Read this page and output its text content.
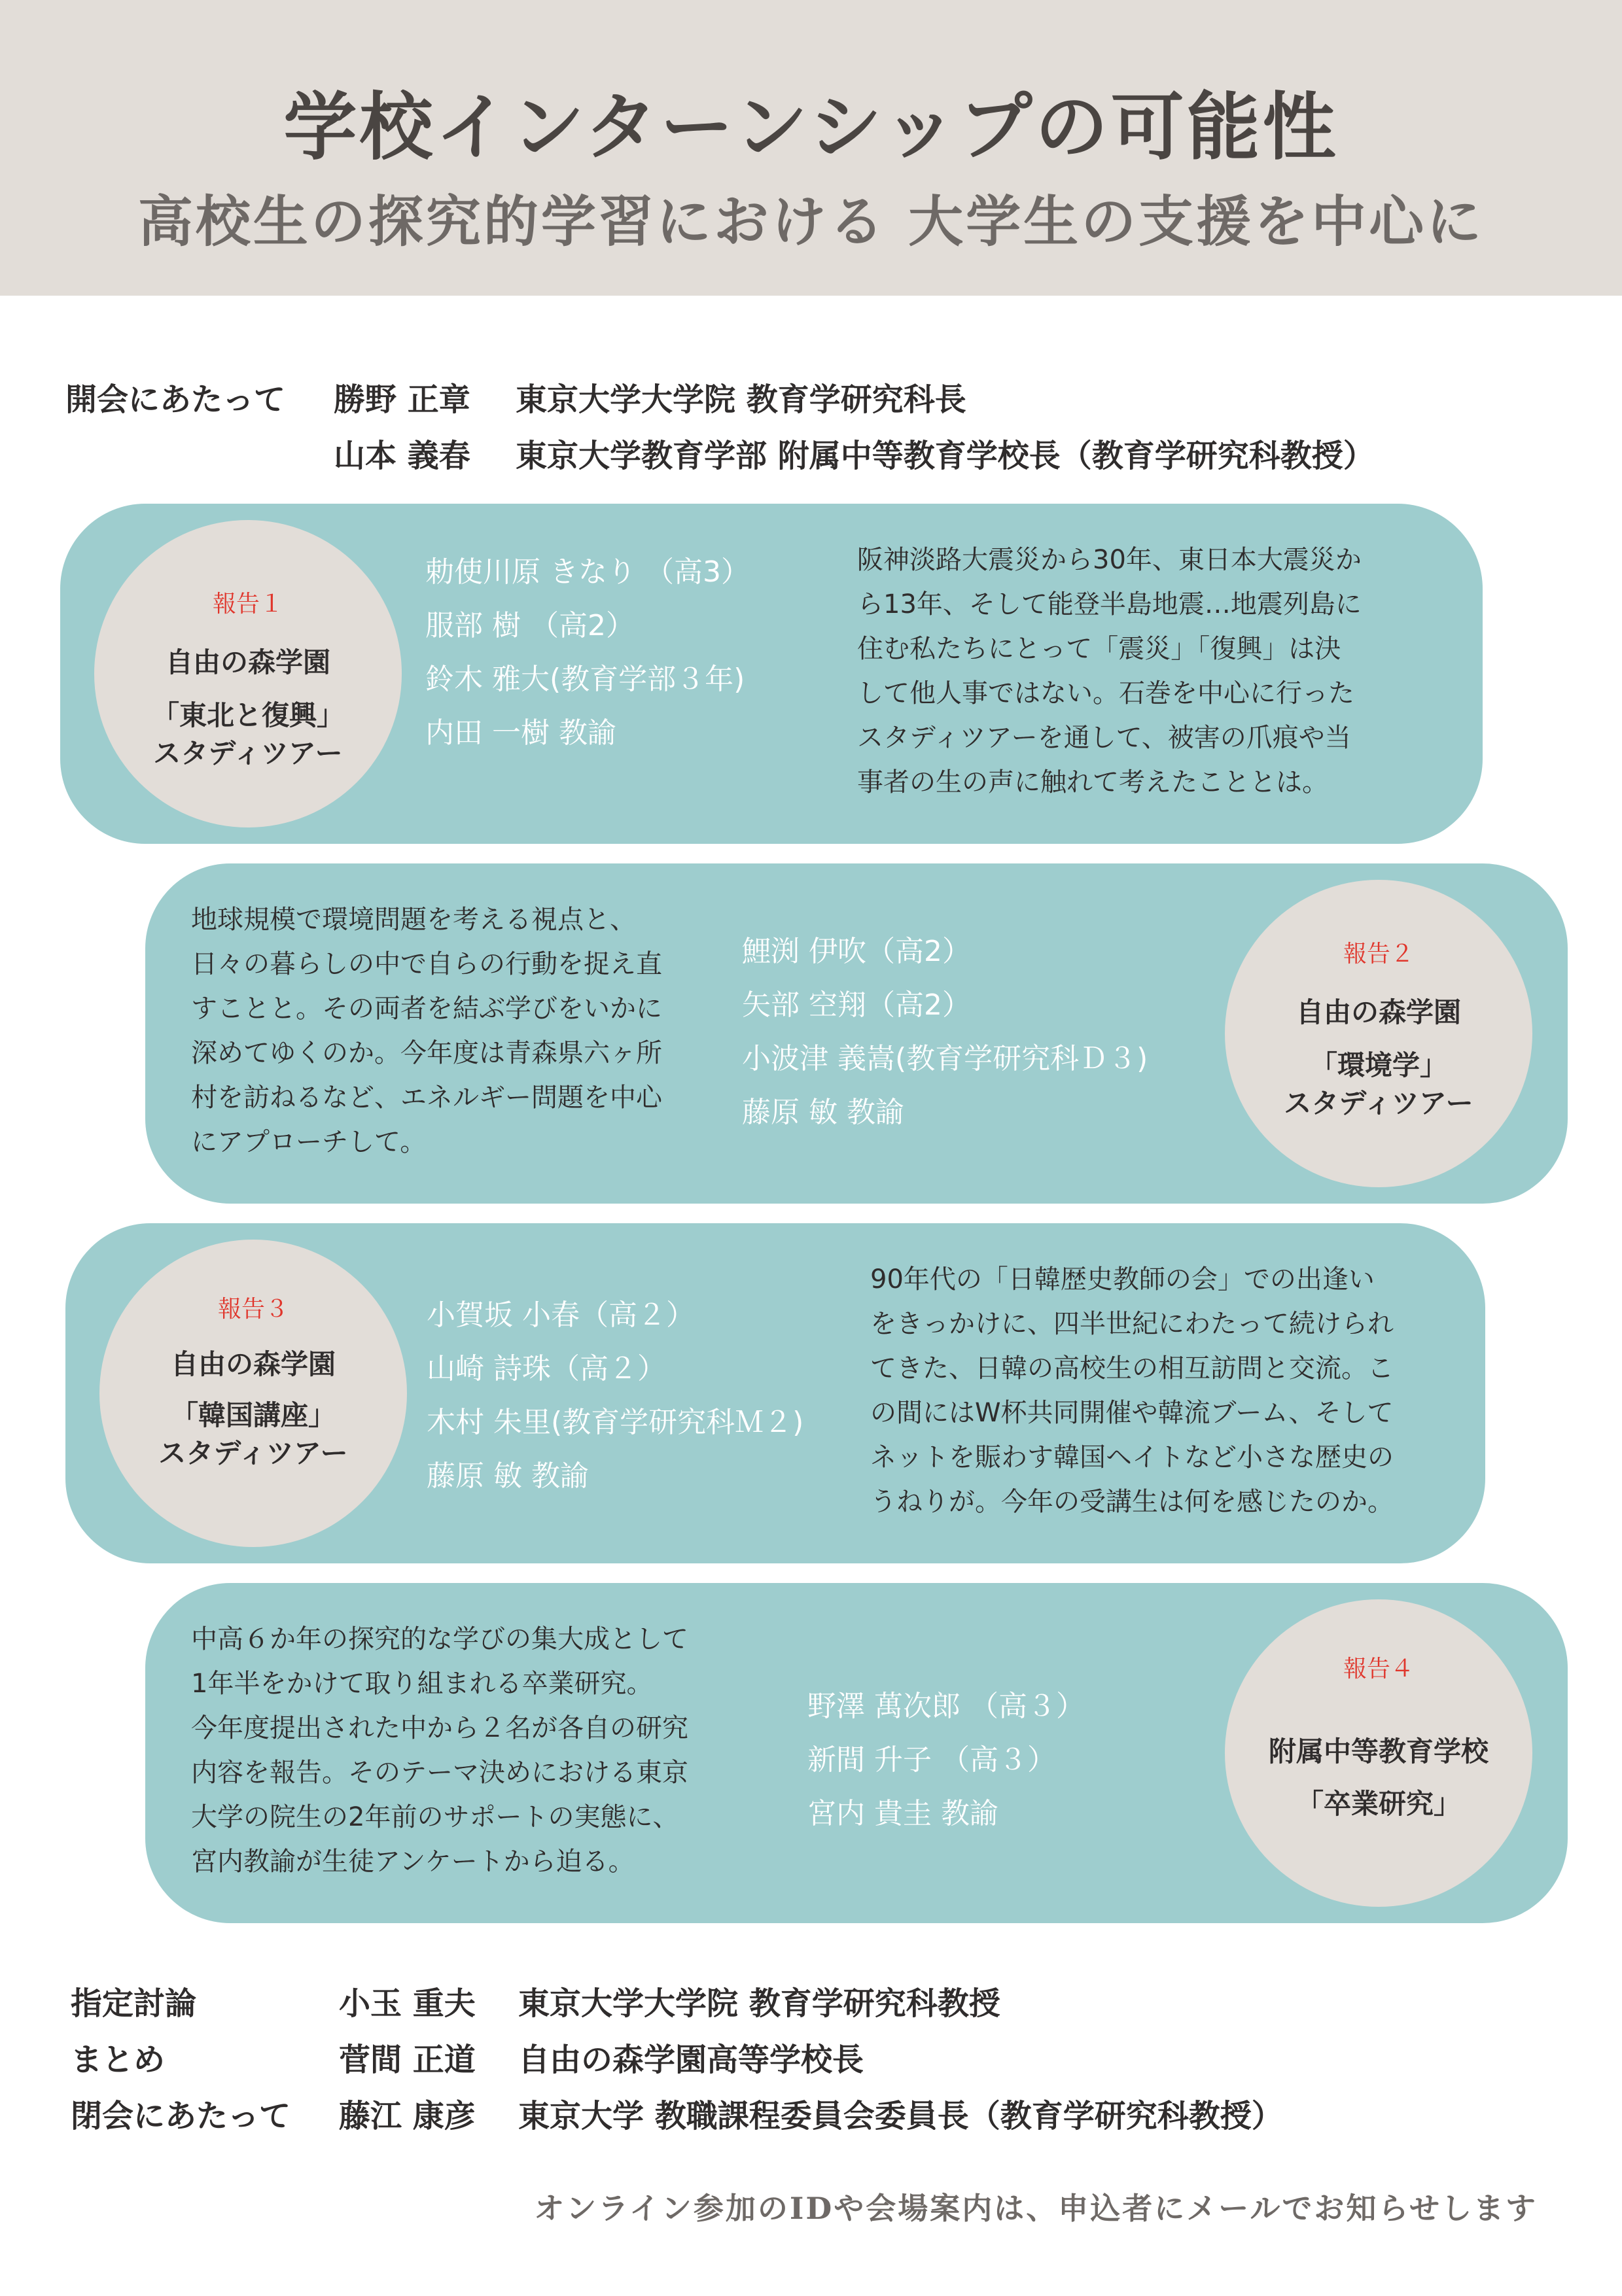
学校インターンシップの可能性
高校生の探究的学習における 大学生の支援を中心に
開会にあたって 勝野 正章 東京大学大学院 教育学研究科長
山本 義春 東京大学教育学部 附属中等教育学校長（教育学研究科教授）
報告１
自由の森学園
「東北と復興」
スタディツアー
勅使川原 きなり （高3）
服部 樹 （高2）
鈴木 雅大(教育学部３年)
内田 一樹 教諭
阪神淡路大震災から30年、東日本大震災か
ら13年、そして能登半島地震…地震列島に
住む私たちにとって「震災」「復興」は決
して他人事ではない。石巻を中心に行った
スタディツアーを通して、被害の爪痕や当
事者の生の声に触れて考えたこととは。
地球規模で環境問題を考える視点と、
日々の暮らしの中で自らの行動を捉え直
すことと。その両者を結ぶ学びをいかに
深めてゆくのか。今年度は青森県六ヶ所
村を訪ねるなど、エネルギー問題を中心
にアプローチして。
鯉渕 伊吹（高2）
矢部 空翔（高2）
小波津 義嵩(教育学研究科Ｄ３)
藤原 敏 教諭
報告２
自由の森学園
「環境学」
スタディツアー
報告３
自由の森学園
「韓国講座」
スタディツアー
小賀坂 小春（高２）
山崎 詩珠（高２）
木村 朱里(教育学研究科Ｍ２)
藤原 敏 教諭
90年代の「日韓歴史教師の会」での出逢い
をきっかけに、四半世紀にわたって続けられ
てきた、日韓の高校生の相互訪問と交流。こ
の間にはW杯共同開催や韓流ブーム、そして
ネットを賑わす韓国ヘイトなど小さな歴史の
うねりが。今年の受講生は何を感じたのか。
中高６か年の探究的な学びの集大成として
1年半をかけて取り組まれる卒業研究。
今年度提出された中から２名が各自の研究
内容を報告。そのテーマ決めにおける東京
大学の院生の2年前のサポートの実態に、
宮内教諭が生徒アンケートから迫る。
野澤 萬次郎 （高３）
新間 升子 （高３）
宮内 貴圭 教諭
報告４
附属中等教育学校
「卒業研究」
指定討論	小玉 重夫 東京大学大学院 教育学研究科教授
まとめ	菅間 正道 自由の森学園高等学校長
閉会にあたって 藤江 康彦 東京大学 教職課程委員会委員長（教育学研究科教授）
オンライン参加のIDや会場案内は、申込者にメールでお知らせします
